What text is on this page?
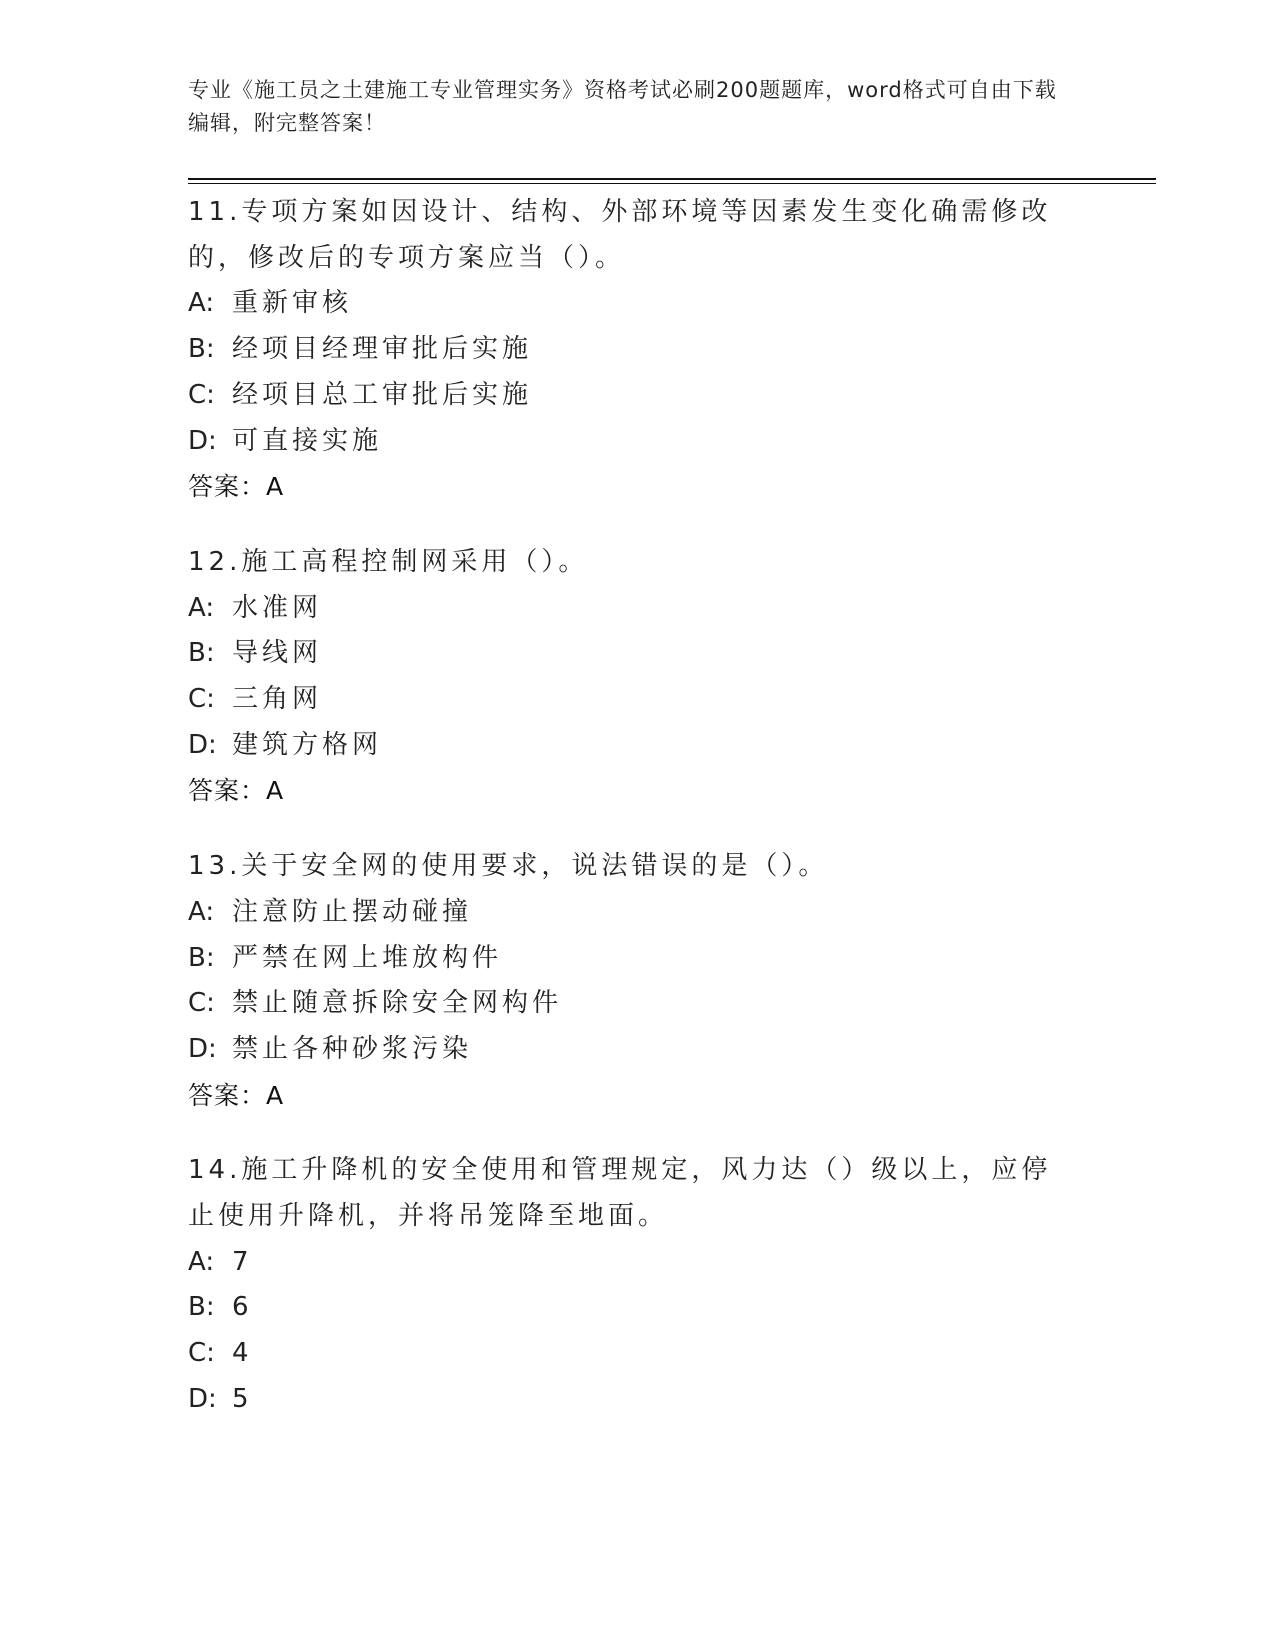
专业《施工员之土建施工专业管理实务》资格考试必刷200题题库，word格式可自由下载编辑，附完整答案！
11.专项方案如因设计、结构、外部环境等因素发生变化确需修改的，修改后的专项方案应当（）。
A: 重新审核
B: 经项目经理审批后实施
C: 经项目总工审批后实施
D: 可直接实施
答案：A
12.施工高程控制网采用（）。
A: 水准网
B: 导线网
C: 三角网
D: 建筑方格网
答案：A
13.关于安全网的使用要求，说法错误的是（）。
A: 注意防止摆动碰撞
B: 严禁在网上堆放构件
C: 禁止随意拆除安全网构件
D: 禁止各种砂浆污染
答案：A
14.施工升降机的安全使用和管理规定，风力达（）级以上，应停止使用升降机，并将吊笼降至地面。
A: 7
B: 6
C: 4
D: 5
